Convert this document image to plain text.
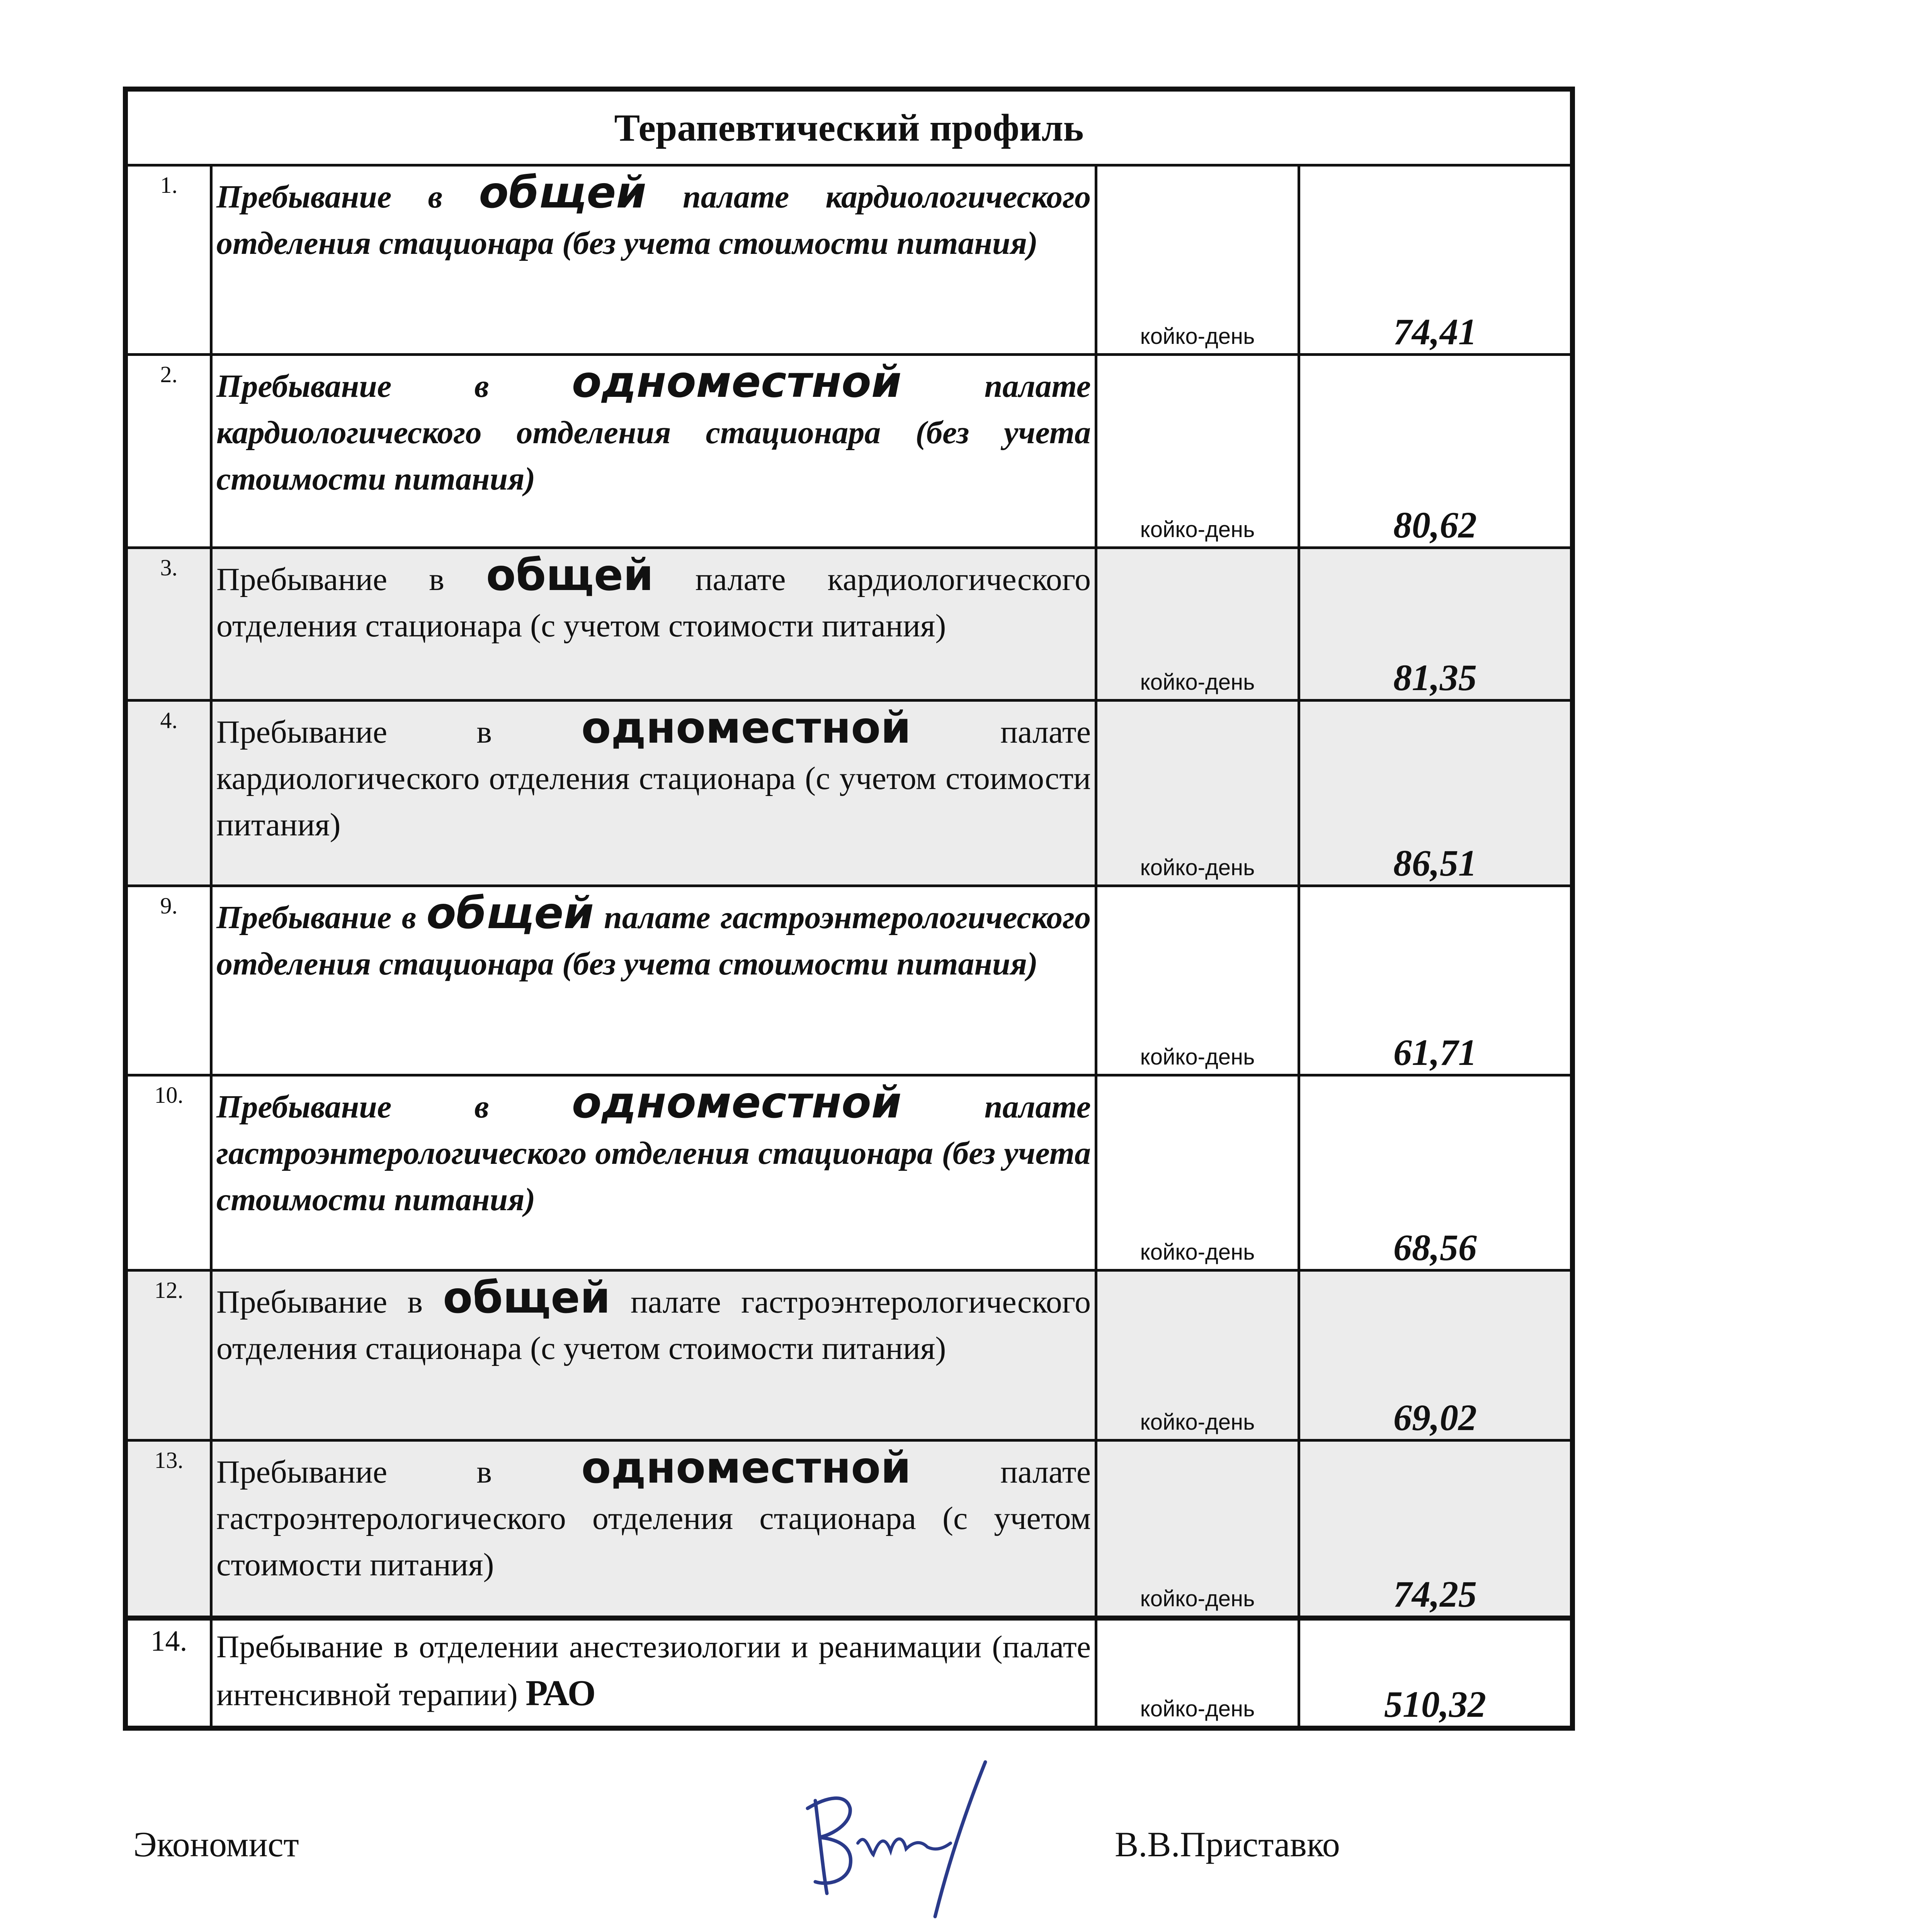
Терапевтический профиль			
1.	Пребывание в общей палате кардиологического отделения стационара (без учета стоимости питания)	койко-день	74,41
2.	Пребывание в одноместной палате кардиологического отделения стационара (без учета стоимости питания)	койко-день	80,62
3.	Пребывание в общей палате кардиологического отделения стационара (с учетом стоимости питания)	койко-день	81,35
4.	Пребывание в одноместной палате кардиологического отделения стационара (с учетом стоимости питания)	койко-день	86,51
9.	Пребывание в общей палате гастроэнтерологического отделения стационара (без учета стоимости питания)	койко-день	61,71
10.	Пребывание в одноместной палате гастроэнтерологического отделения стационара (без учета стоимости питания)	койко-день	68,56
12.	Пребывание в общей палате гастроэнтерологического отделения стационара (с учетом стоимости питания)	койко-день	69,02
13.	Пребывание в одноместной палате гастроэнтерологического отделения стационара (с учетом стоимости питания)	койко-день	74,25
14.	Пребывание в отделении анестезиологии и реанимации (палате интенсивной терапии) РАО	койко-день	510,32
Экономист	В.В.Приставко
